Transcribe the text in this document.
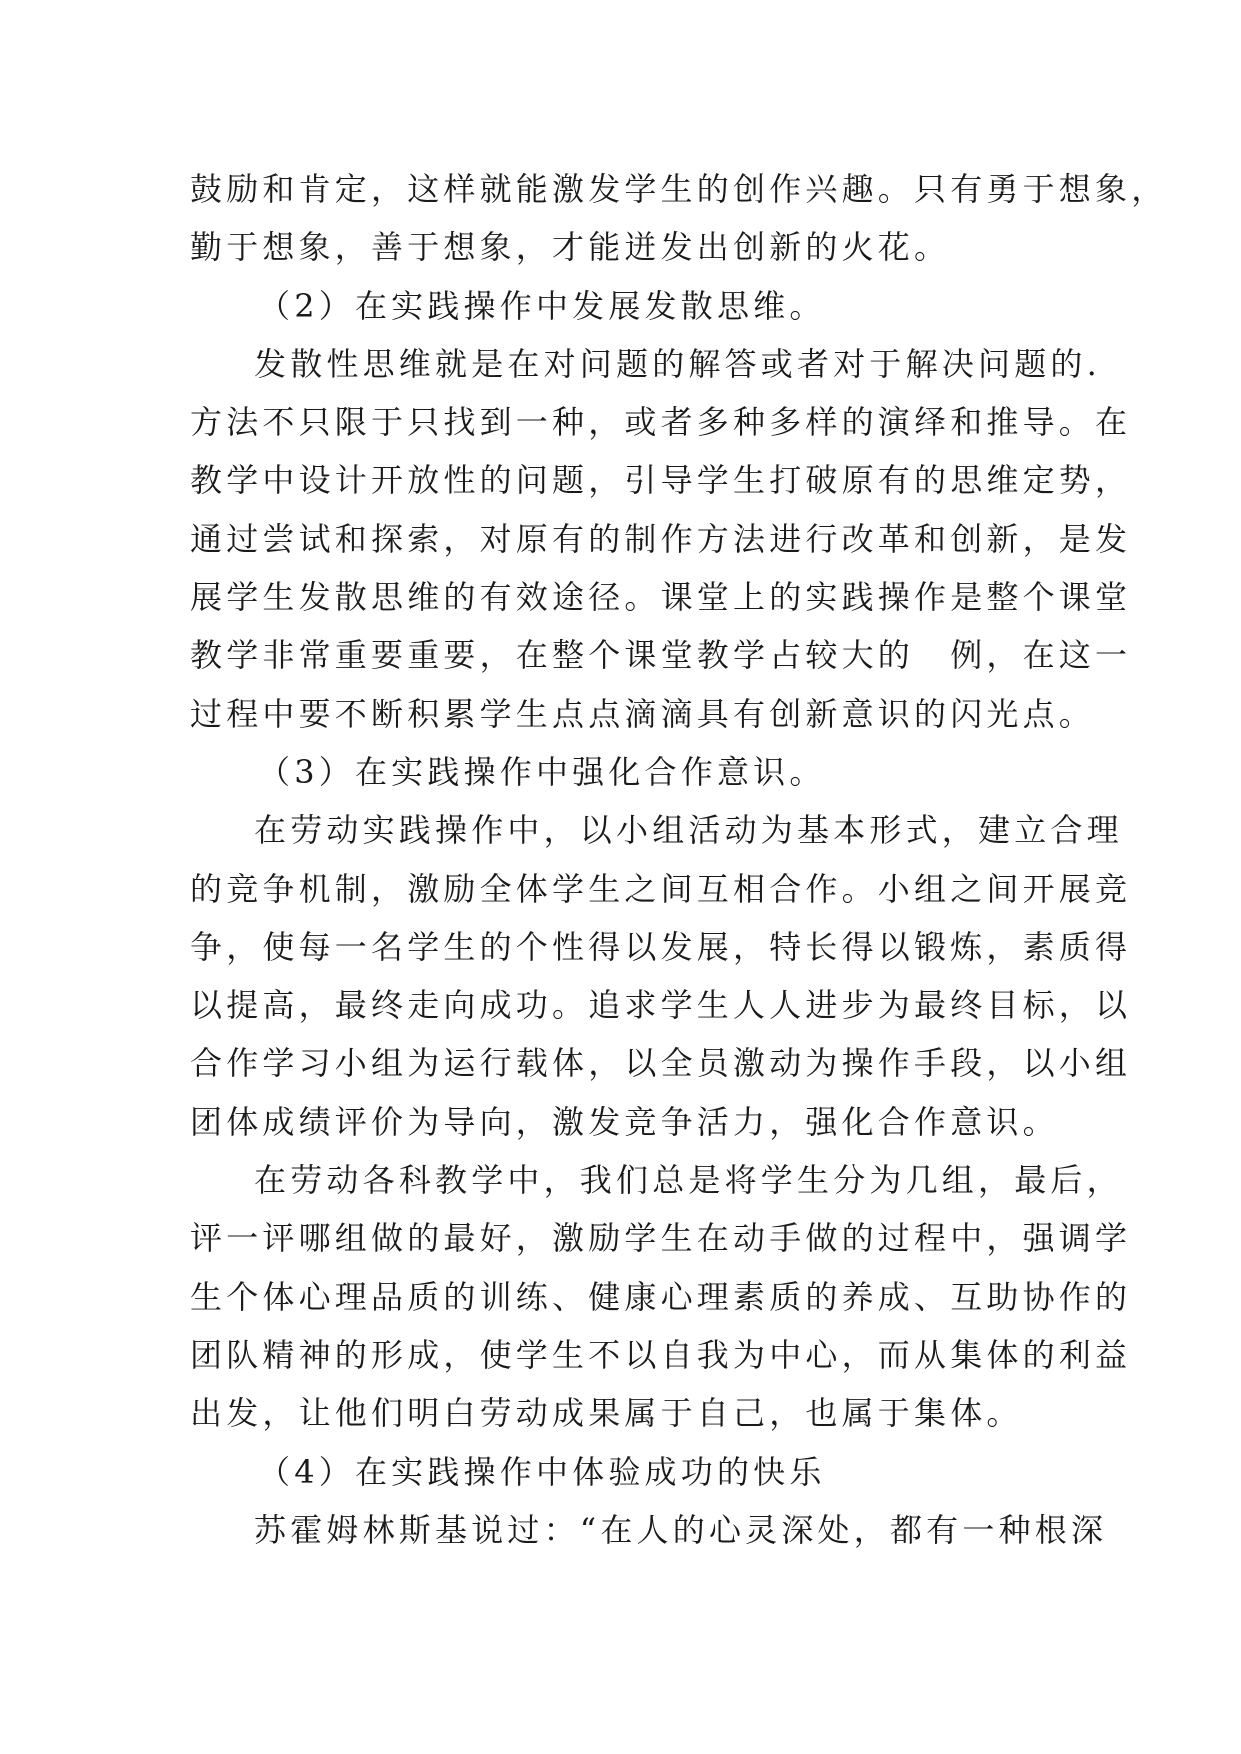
鼓励和肯定，这样就能激发学生的创作兴趣。只有勇于想象，
勤于想象，善于想象，才能迸发出创新的火花。
（2）在实践操作中发展发散思维。
发散性思维就是在对问题的解答或者对于解决问题的.
方法不只限于只找到一种，或者多种多样的演绎和推导。在
教学中设计开放性的问题，引导学生打破原有的思维定势，
通过尝试和探索，对原有的制作方法进行改革和创新，是发
展学生发散思维的有效途径。课堂上的实践操作是整个课堂
教学非常重要重要，在整个课堂教学占较大的　例，在这一
过程中要不断积累学生点点滴滴具有创新意识的闪光点。
（3）在实践操作中强化合作意识。
在劳动实践操作中，以小组活动为基本形式，建立合理
的竞争机制，激励全体学生之间互相合作。小组之间开展竞
争，使每一名学生的个性得以发展，特长得以锻炼，素质得
以提高，最终走向成功。追求学生人人进步为最终目标，以
合作学习小组为运行载体，以全员激动为操作手段，以小组
团体成绩评价为导向，激发竞争活力，强化合作意识。
在劳动各科教学中，我们总是将学生分为几组，最后，
评一评哪组做的最好，激励学生在动手做的过程中，强调学
生个体心理品质的训练、健康心理素质的养成、互助协作的
团队精神的形成，使学生不以自我为中心，而从集体的利益
出发，让他们明白劳动成果属于自己，也属于集体。
（4）在实践操作中体验成功的快乐
苏霍姆林斯基说过：“在人的心灵深处，都有一种根深
